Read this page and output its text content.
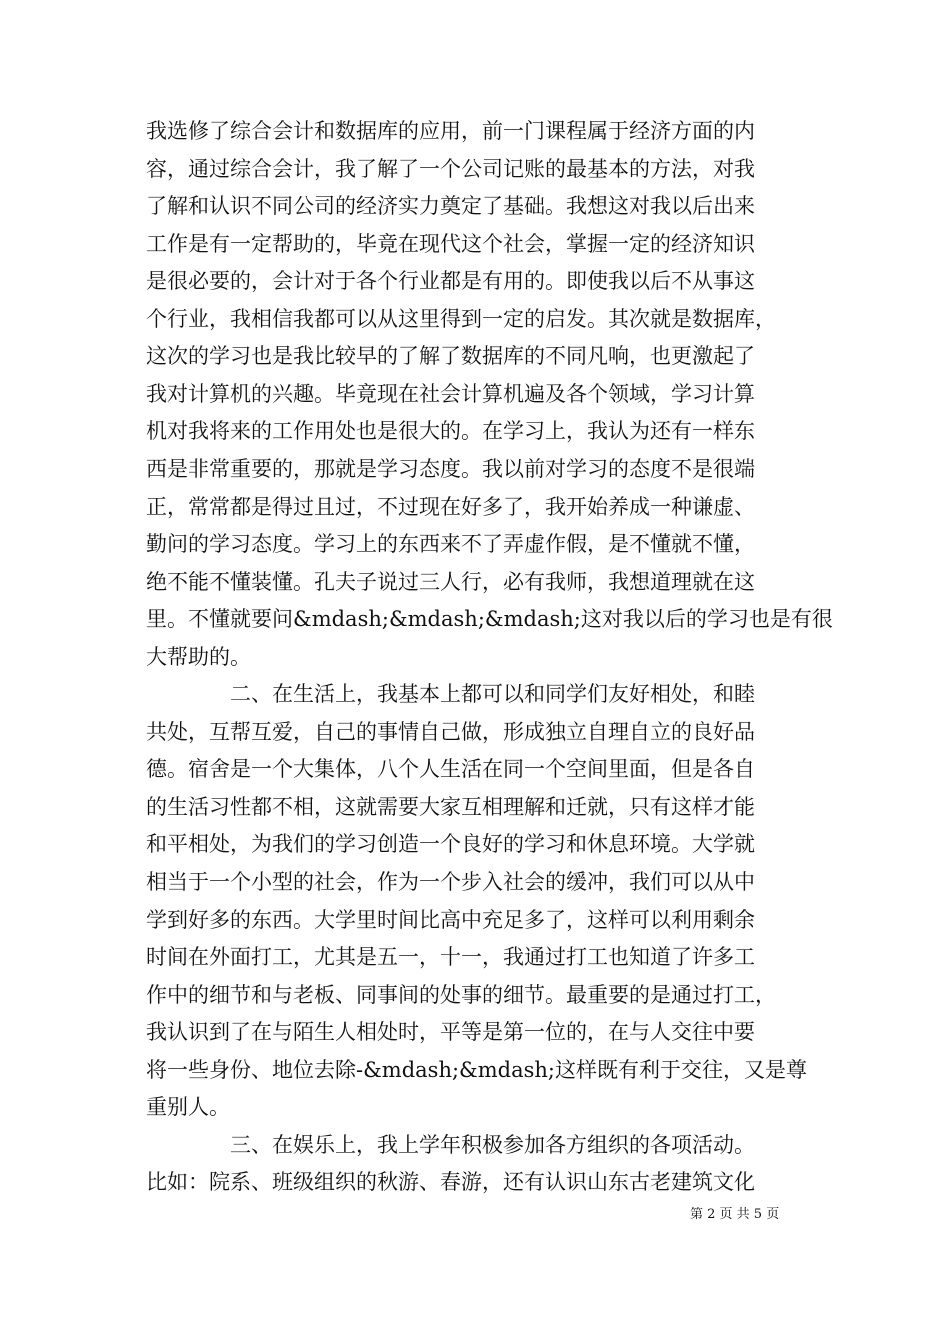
我选修了综合会计和数据库的应用，前一门课程属于经济方面的内
容，通过综合会计，我了解了一个公司记账的最基本的方法，对我
了解和认识不同公司的经济实力奠定了基础。我想这对我以后出来
工作是有一定帮助的，毕竟在现代这个社会，掌握一定的经济知识
是很必要的，会计对于各个行业都是有用的。即使我以后不从事这
个行业，我相信我都可以从这里得到一定的启发。其次就是数据库，
这次的学习也是我比较早的了解了数据库的不同凡响，也更激起了
我对计算机的兴趣。毕竟现在社会计算机遍及各个领域，学习计算
机对我将来的工作用处也是很大的。在学习上，我认为还有一样东
西是非常重要的，那就是学习态度。我以前对学习的态度不是很端
正，常常都是得过且过，不过现在好多了，我开始养成一种谦虚、
勤问的学习态度。学习上的东西来不了弄虚作假，是不懂就不懂，
绝不能不懂装懂。孔夫子说过三人行，必有我师，我想道理就在这
里。不懂就要问&mdash;&mdash;&mdash;这对我以后的学习也是有很
大帮助的。
　　　　二、在生活上，我基本上都可以和同学们友好相处，和睦
共处，互帮互爱，自己的事情自己做，形成独立自理自立的良好品
德。宿舍是一个大集体，八个人生活在同一个空间里面，但是各自
的生活习性都不相，这就需要大家互相理解和迁就，只有这样才能
和平相处，为我们的学习创造一个良好的学习和休息环境。大学就
相当于一个小型的社会，作为一个步入社会的缓冲，我们可以从中
学到好多的东西。大学里时间比高中充足多了，这样可以利用剩余
时间在外面打工，尤其是五一，十一，我通过打工也知道了许多工
作中的细节和与老板、同事间的处事的细节。最重要的是通过打工，
我认识到了在与陌生人相处时，平等是第一位的，在与人交往中要
将一些身份、地位去除-&mdash;&mdash;这样既有利于交往，又是尊
重别人。
　　　　三、在娱乐上，我上学年积极参加各方组织的各项活动。
比如：院系、班级组织的秋游、春游，还有认识山东古老建筑文化
第 2 页 共 5 页
